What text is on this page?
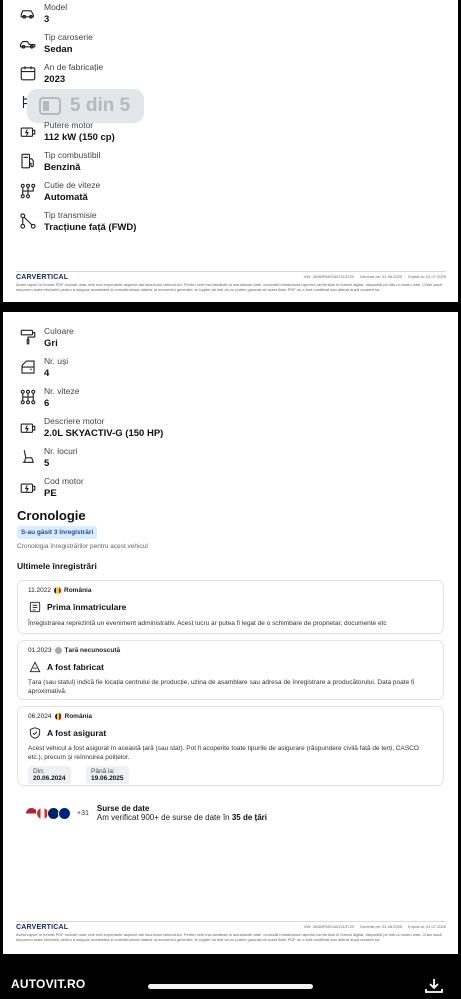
Model
3
Tip caroserie
Sedan
An de fabricație
2023
5 din 5
Putere motor
112 kW (150 cp)
Tip combustibil
Benzină
Cutie de viteze
Automată
Tip transmisie
Tracțiune față (FWD)
CARVERTICAL	VIN: JM4BP6SGA01313729 Generat pe: 01.06.2025 Expiră la: 01.07.2025
Acest raport în format PDF include doar cele mai importante aspecte ale istoricului vehiculului. Pentru cele mai detaliate și actualizate date, consultă întotdeauna raportul carVertical în format digital, disponibil pe site-ul nostru web. Chiar dacă depunem toate eforturile pentru a asigura acuratețea și corectitudinea datelor la momentul generării, te rugăm să reții că nu putem garanta că acest fișier PDF nu a fost modificat sau alterat după crearea sa.
Culoare
Gri
Nr. uși
4
Nr. viteze
6
Descriere motor
2.0L SKYACTIV-G (150 HP)
Nr. locuri
5
Cod motor
PE
Cronologie
S-au găsit 3 înregistrări
Cronologia înregistrărilor pentru acest vehicul
Ultimele înregistrări
11.2022 România
Prima înmatriculare
Înregistrarea reprezintă un eveniment administrativ. Acest lucru ar putea fi legat de o schimbare de proprietar, documente etc
01.2023 Țară necunoscută
A fost fabricat
Țara (sau statul) indică fie locația centrului de producție, uzina de asamblare sau adresa de înregistrare a producătorului. Data poate fi aproximativă.
06.2024 România
A fost asigurat
Acest vehicul a fost asigurat în această țară (sau stat). Pot fi acoperite toate tipurile de asigurare (răspundere civilă față de terți, CASCO etc.), precum și reînnoirea polițelor.
Din: 20.06.2024
Până la: 19.06.2025
+31 Surse de date
Am verificat 900+ de surse de date în 35 de țări
CARVERTICAL	VIN: JM4BP6SGA01313729 Generat pe: 01.06.2025 Expiră la: 01.07.2025
Acest raport în format PDF include doar cele mai importante aspecte ale istoricului vehiculului. Pentru cele mai detaliate și actualizate date, consultă întotdeauna raportul carVertical în format digital, disponibil pe site-ul nostru web. Chiar dacă depunem toate eforturile pentru a asigura acuratețea și corectitudinea datelor la momentul generării, te rugăm să reții că nu putem garanta că acest fișier PDF nu a fost modificat sau alterat după crearea sa.
AUTOVIT.RO
